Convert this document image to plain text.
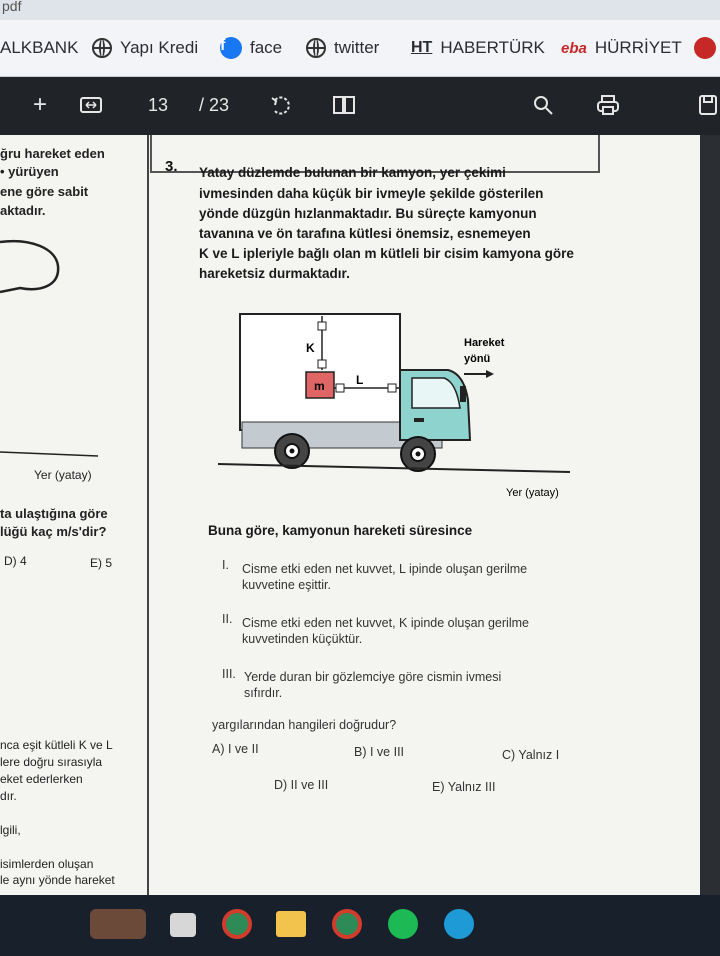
pdf
ALKBANK Yapı Kredi f	face	twitter HT HABERTÜRK eba HÜRRİYET
+	13 / 23
ğru hareket eden
• yürüyen
ene göre sabit
aktadır.
Yer (yatay)
ta ulaştığına göre
lüğü kaç m/s'dir?
D) 4	E) 5
nca eşit kütleli K ve L
lere doğru sırasıyla
eket ederlerken
dır.
lgili,
isimlerden oluşan
le aynı yönde hareket
3. Yatay düzlemde bulunan bir kamyon, yer çekimi
ivmesinden daha küçük bir ivmeyle şekilde gösterilen
yönde düzgün hızlanmaktadır. Bu süreçte kamyonun
tavanına ve ön tarafına kütlesi önemsiz, esnemeyen
K ve L ipleriyle bağlı olan m kütleli bir cisim kamyona göre
hareketsiz durmaktadır.
K
L
m
Hareket
yönü
Yer (yatay)
Buna göre, kamyonun hareketi süresince
I. Cisme etki eden net kuvvet, L ipinde oluşan gerilme
kuvvetine eşittir.
II. Cisme etki eden net kuvvet, K ipinde oluşan gerilme
kuvvetinden küçüktür.
III. Yerde duran bir gözlemciye göre cismin ivmesi
sıfırdır.
yargılarından hangileri doğrudur?
A) I ve II	B) I ve III	C) Yalnız I
D) II ve III	E) Yalnız III
